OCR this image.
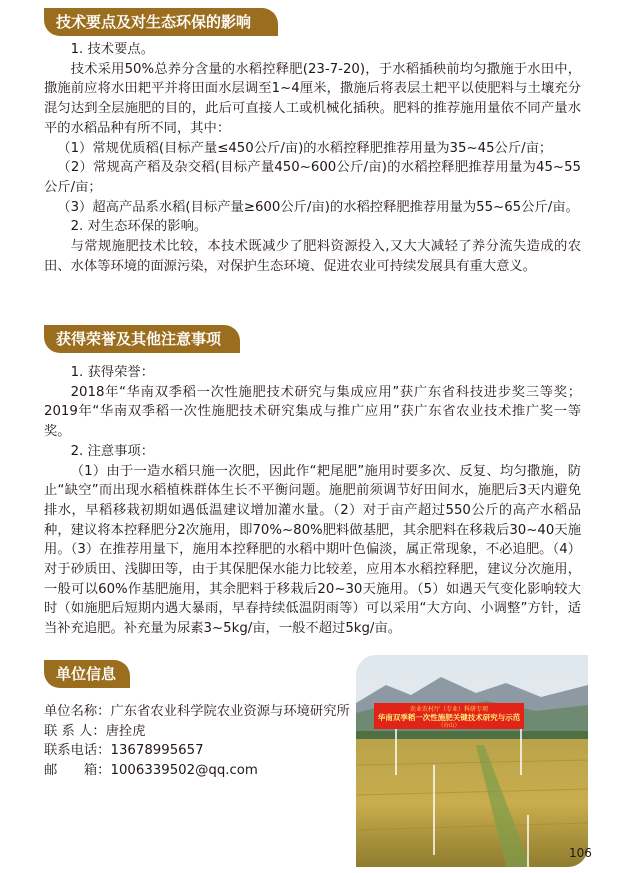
技术要点及对生态环保的影响

1. 技术要点。

技术采用50%总养分含量的水稻控释肥(23-7-20)，于水稻插秧前均匀撒施于水田中，撒施前应将水田耙平并将田面水层调至1~4厘米，撒施后将表层土耙平以使肥料与土壤充分混匀达到全层施肥的目的，此后可直接人工或机械化插秧。肥料的推荐施用量依不同产量水平的水稻品种有所不同，其中：

（1）常规优质稻(目标产量≤450公斤/亩)的水稻控释肥推荐用量为35~45公斤/亩；

（2）常规高产稻及杂交稻(目标产量450~600公斤/亩)的水稻控释肥推荐用量为45~55公斤/亩；

（3）超高产品系水稻(目标产量≥600公斤/亩)的水稻控释肥推荐用量为55~65公斤/亩。

2. 对生态环保的影响。

与常规施肥技术比较，本技术既减少了肥料资源投入,又大大减轻了养分流失造成的农田、水体等环境的面源污染，对保护生态环境、促进农业可持续发展具有重大意义。

获得荣誉及其他注意事项

1. 获得荣誉：

2018年“华南双季稻一次性施肥技术研究与集成应用”获广东省科技进步奖三等奖；2019年“华南双季稻一次性施肥技术研究集成与推广应用”获广东省农业技术推广奖一等奖。

2. 注意事项：

（1）由于一造水稻只施一次肥，因此作“耙尾肥”施用时要多次、反复、均匀撒施，防止“缺空”而出现水稻植株群体生长不平衡问题。施肥前须调节好田间水，施肥后3天内避免排水，早稻移栽初期如遇低温建议增加灌水量。（2）对于亩产超过550公斤的高产水稻品种，建议将本控释肥分2次施用，即70%~80%肥料做基肥，其余肥料在移栽后30~40天施用。（3）在推荐用量下，施用本控释肥的水稻中期叶色偏淡，属正常现象，不必追肥。（4）对于砂质田、浅脚田等，由于其保肥保水能力比较差，应用本水稻控释肥，建议分次施用，一般可以60%作基肥施用，其余肥料于移栽后20~30天施用。（5）如遇天气变化影响较大时（如施肥后短期内遇大暴雨，早春持续低温阴雨等）可以采用“大方向、小调整”方针，适当补充追肥。补充量为尿素3~5kg/亩，一般不超过5kg/亩。

单位信息
单位名称：广东省农业科学院农业资源与环境研究所
联 系 人：唐拴虎
联系电话：13678995657
邮　　箱：1006339502@qq.com
农业农村厅（专业）科研专项
华南双季稻一次性施肥关键技术研究与示范
（台山）
106
